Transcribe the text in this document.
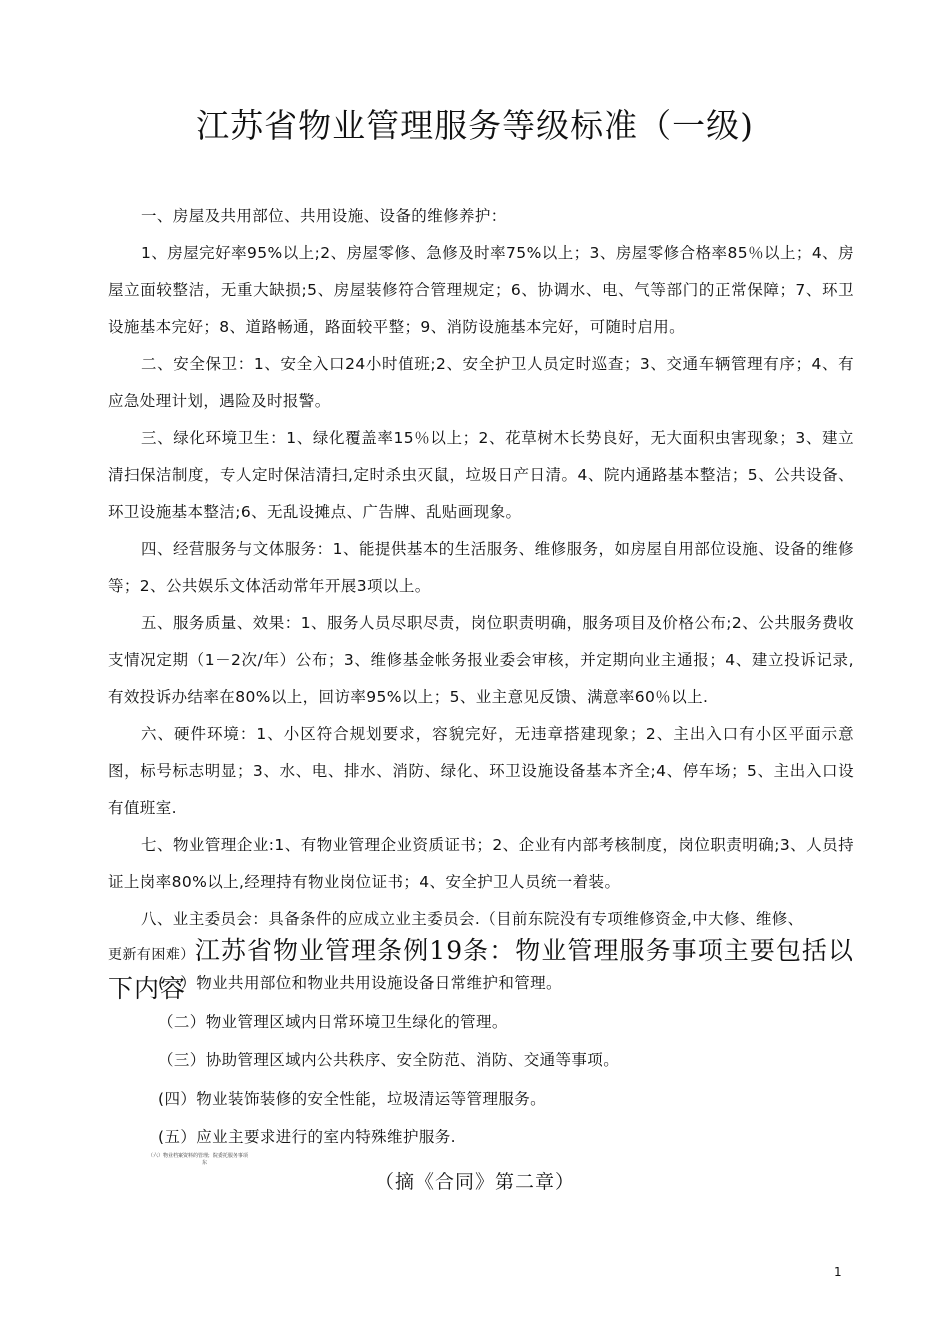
江苏省物业管理服务等级标准（一级)

一、房屋及共用部位、共用设施、设备的维修养护：

1、房屋完好率95%以上;2、房屋零修、急修及时率75%以上；3、房屋零修合格率85％以上；4、房屋立面较整洁，无重大缺损;5、房屋装修符合管理规定；6、协调水、电、气等部门的正常保障；7、环卫设施基本完好；8、道路畅通，路面较平整；9、消防设施基本完好，可随时启用。

二、安全保卫：1、安全入口24小时值班;2、安全护卫人员定时巡查；3、交通车辆管理有序；4、有应急处理计划，遇险及时报警。

三、绿化环境卫生：1、绿化覆盖率15％以上；2、花草树木长势良好，无大面积虫害现象；3、建立清扫保洁制度，专人定时保洁清扫,定时杀虫灭鼠，垃圾日产日清。4、院内通路基本整洁；5、公共设备、环卫设施基本整洁;6、无乱设摊点、广告牌、乱贴画现象。

四、经营服务与文体服务：1、能提供基本的生活服务、维修服务，如房屋自用部位设施、设备的维修等；2、公共娱乐文体活动常年开展3项以上。

五、服务质量、效果：1、服务人员尽职尽责，岗位职责明确，服务项目及价格公布;2、公共服务费收支情况定期（1－2次/年）公布；3、维修基金帐务报业委会审核，并定期向业主通报；4、建立投诉记录,有效投诉办结率在80%以上，回访率95%以上；5、业主意见反馈、满意率60％以上.

六、硬件环境：1、小区符合规划要求，容貌完好，无违章搭建现象；2、主出入口有小区平面示意图，标号标志明显；3、水、电、排水、消防、绿化、环卫设施设备基本齐全;4、停车场；5、主出入口设有值班室.

七、物业管理企业:1、有物业管理企业资质证书；2、企业有内部考核制度，岗位职责明确;3、人员持证上岗率80%以上,经理持有物业岗位证书；4、安全护卫人员统一着装。

八、业主委员会：具备条件的应成立业主委员会.（目前东院没有专项维修资金,中大修、维修、

更新有困难）江苏省物业管理条例19条：物业管理服务事项主要包括以下内容

(一）物业共用部位和物业共用设施设备日常维护和管理。

（二）物业管理区域内日常环境卫生绿化的管理。

（三）协助管理区域内公共秩序、安全防范、消防、交通等事项。

(四）物业装饰装修的安全性能，垃圾清运等管理服务。

(五）应业主要求进行的室内特殊维护服务.

（六）物业档案资料的管理; 院委托服务事项
东
（摘《合同》第二章）
1
